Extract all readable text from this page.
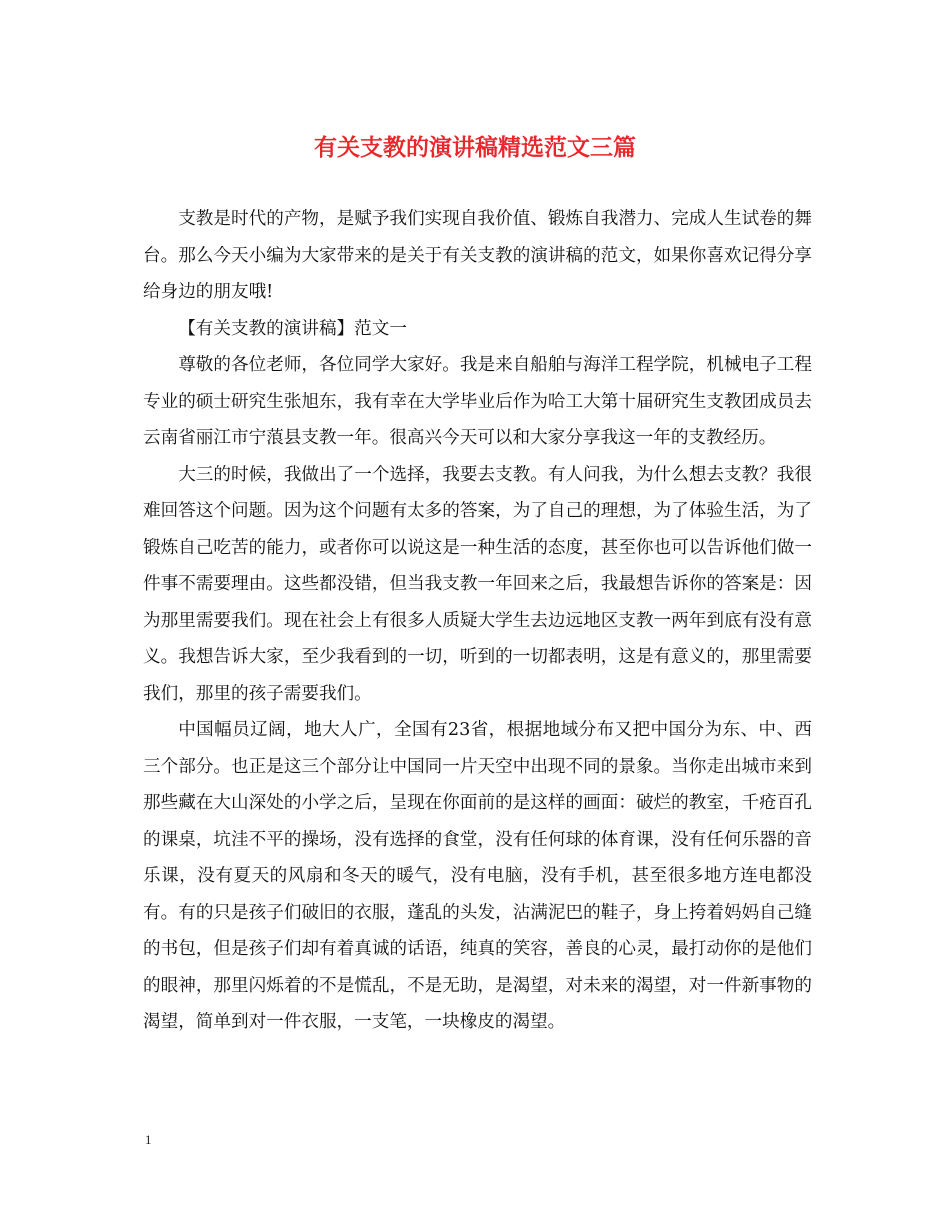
有关支教的演讲稿精选范文三篇

支教是时代的产物，是赋予我们实现自我价值、锻炼自我潜力、完成人生试卷的舞台。那么今天小编为大家带来的是关于有关支教的演讲稿的范文，如果你喜欢记得分享给身边的朋友哦!

【有关支教的演讲稿】范文一

尊敬的各位老师，各位同学大家好。我是来自船舶与海洋工程学院，机械电子工程专业的硕士研究生张旭东，我有幸在大学毕业后作为哈工大第十届研究生支教团成员去云南省丽江市宁蒗县支教一年。很高兴今天可以和大家分享我这一年的支教经历。

大三的时候，我做出了一个选择，我要去支教。有人问我，为什么想去支教？我很难回答这个问题。因为这个问题有太多的答案，为了自己的理想，为了体验生活，为了锻炼自己吃苦的能力，或者你可以说这是一种生活的态度，甚至你也可以告诉他们做一件事不需要理由。这些都没错，但当我支教一年回来之后，我最想告诉你的答案是：因为那里需要我们。现在社会上有很多人质疑大学生去边远地区支教一两年到底有没有意义。我想告诉大家，至少我看到的一切，听到的一切都表明，这是有意义的，那里需要我们，那里的孩子需要我们。

中国幅员辽阔，地大人广，全国有23省，根据地域分布又把中国分为东、中、西三个部分。也正是这三个部分让中国同一片天空中出现不同的景象。当你走出城市来到那些藏在大山深处的小学之后，呈现在你面前的是这样的画面：破烂的教室，千疮百孔的课桌，坑洼不平的操场，没有选择的食堂，没有任何球的体育课，没有任何乐器的音乐课，没有夏天的风扇和冬天的暖气，没有电脑，没有手机，甚至很多地方连电都没有。有的只是孩子们破旧的衣服，蓬乱的头发，沾满泥巴的鞋子，身上挎着妈妈自己缝的书包，但是孩子们却有着真诚的话语，纯真的笑容，善良的心灵，最打动你的是他们的眼神，那里闪烁着的不是慌乱，不是无助，是渴望，对未来的渴望，对一件新事物的渴望，简单到对一件衣服，一支笔，一块橡皮的渴望。

1
